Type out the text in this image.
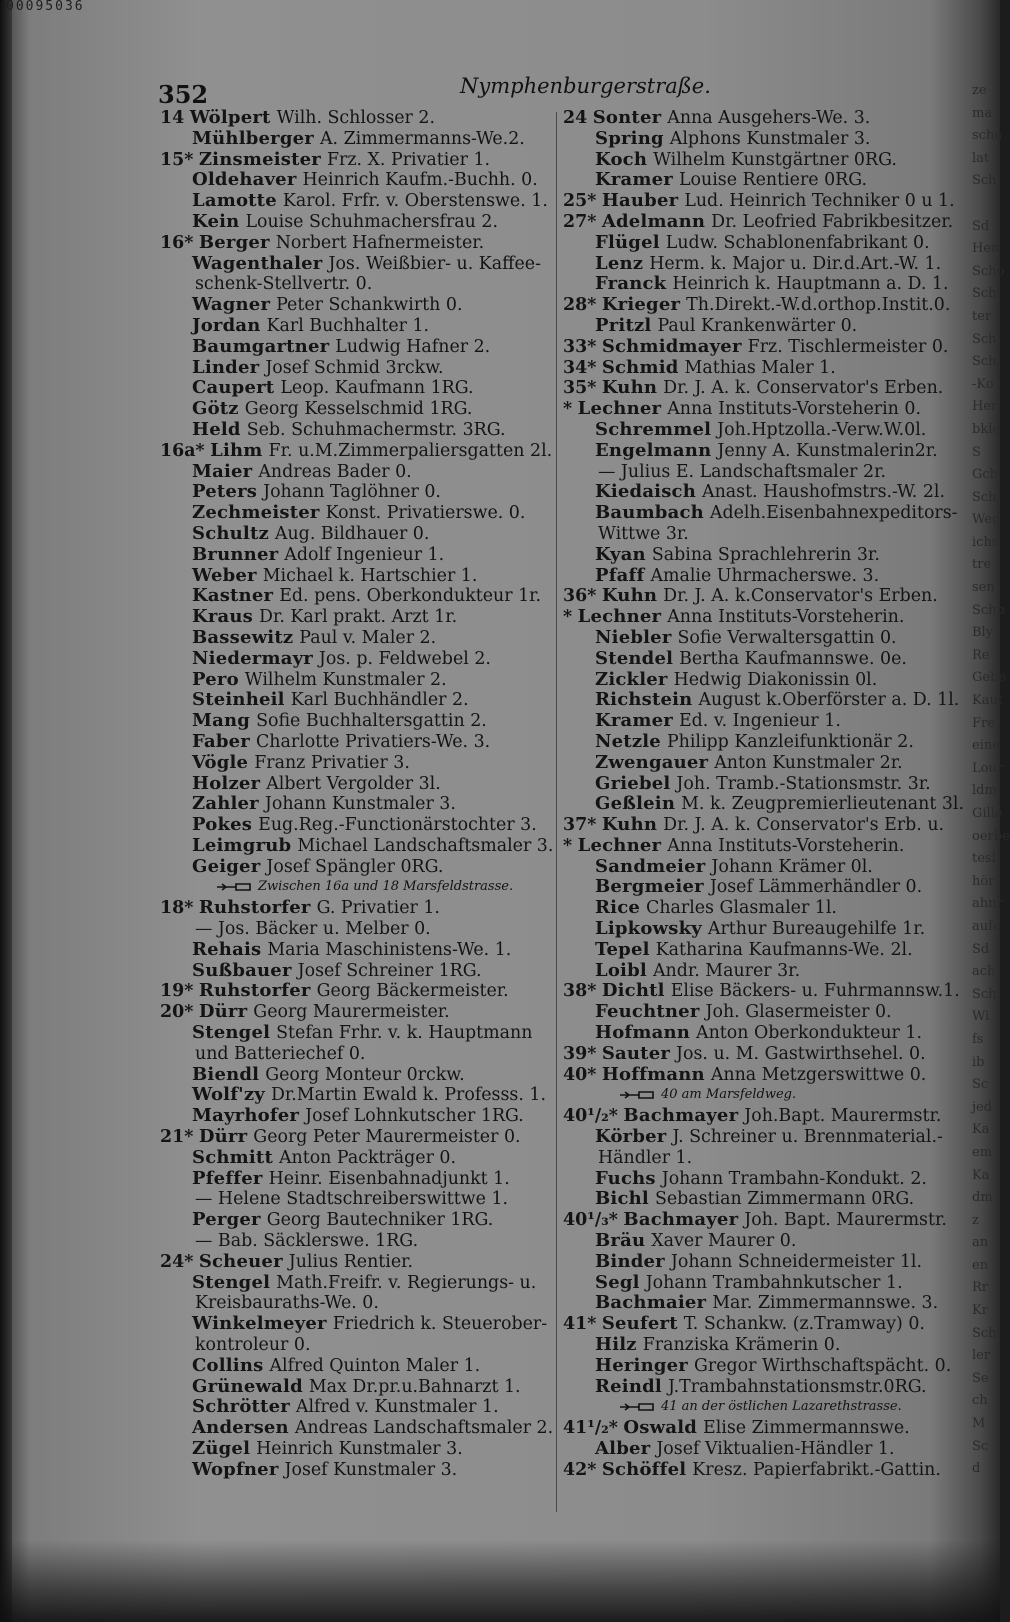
00095036
352	Nymphenburgerstraße.
14 Wölpert Wilh. Schlosser 2.
Mühlberger A. Zimmermanns-We.2.
15* Zinsmeister Frz. X. Privatier 1.
Oldehaver Heinrich Kaufm.-Buchh. 0.
Lamotte Karol. Frfr. v. Oberstenswe. 1.
Kein Louise Schuhmachersfrau 2.
16* Berger Norbert Hafnermeister.
Wagenthaler Jos. Weißbier- u. Kaffee-
schenk-Stellvertr. 0.
Wagner Peter Schankwirth 0.
Jordan Karl Buchhalter 1.
Baumgartner Ludwig Hafner 2.
Linder Josef Schmid 3rckw.
Caupert Leop. Kaufmann 1RG.
Götz Georg Kesselschmid 1RG.
Held Seb. Schuhmachermstr. 3RG.
16a* Lihm Fr. u.M.Zimmerpaliersgatten 2l.
Maier Andreas Bader 0.
Peters Johann Taglöhner 0.
Zechmeister Konst. Privatierswe. 0.
Schultz Aug. Bildhauer 0.
Brunner Adolf Ingenieur 1.
Weber Michael k. Hartschier 1.
Kastner Ed. pens. Oberkondukteur 1r.
Kraus Dr. Karl prakt. Arzt 1r.
Bassewitz Paul v. Maler 2.
Niedermayr Jos. p. Feldwebel 2.
Pero Wilhelm Kunstmaler 2.
Steinheil Karl Buchhändler 2.
Mang Sofie Buchhaltersgattin 2.
Faber Charlotte Privatiers-We. 3.
Vögle Franz Privatier 3.
Holzer Albert Vergolder 3l.
Zahler Johann Kunstmaler 3.
Pokes Eug.Reg.-Functionärstochter 3.
Leimgrub Michael Landschaftsmaler 3.
Geiger Josef Spängler 0RG.
Zwischen 16a und 18 Marsfeldstrasse.
18* Ruhstorfer G. Privatier 1.
— Jos. Bäcker u. Melber 0.
Rehais Maria Maschinistens-We. 1.
Sußbauer Josef Schreiner 1RG.
19* Ruhstorfer Georg Bäckermeister.
20* Dürr Georg Maurermeister.
Stengel Stefan Frhr. v. k. Hauptmann
und Batteriechef 0.
Biendl Georg Monteur 0rckw.
Wolf'zy Dr.Martin Ewald k. Professs. 1.
Mayrhofer Josef Lohnkutscher 1RG.
21* Dürr Georg Peter Maurermeister 0.
Schmitt Anton Packträger 0.
Pfeffer Heinr. Eisenbahnadjunkt 1.
— Helene Stadtschreiberswittwe 1.
Perger Georg Bautechniker 1RG.
— Bab. Säcklerswe. 1RG.
24* Scheuer Julius Rentier.
Stengel Math.Freifr. v. Regierungs- u.
Kreisbauraths-We. 0.
Winkelmeyer Friedrich k. Steuerober-
kontroleur 0.
Collins Alfred Quinton Maler 1.
Grünewald Max Dr.pr.u.Bahnarzt 1.
Schrötter Alfred v. Kunstmaler 1.
Andersen Andreas Landschaftsmaler 2.
Zügel Heinrich Kunstmaler 3.
Wopfner Josef Kunstmaler 3.
24 Sonter Anna Ausgehers-We. 3.
Spring Alphons Kunstmaler 3.
Koch Wilhelm Kunstgärtner 0RG.
Kramer Louise Rentiere 0RG.
25* Hauber Lud. Heinrich Techniker 0 u 1.
27* Adelmann Dr. Leofried Fabrikbesitzer.
Flügel Ludw. Schablonenfabrikant 0.
Lenz Herm. k. Major u. Dir.d.Art.-W. 1.
Franck Heinrich k. Hauptmann a. D. 1.
28* Krieger Th.Direkt.-W.d.orthop.Instit.0.
Pritzl Paul Krankenwärter 0.
33* Schmidmayer Frz. Tischlermeister 0.
34* Schmid Mathias Maler 1.
35* Kuhn Dr. J. A. k. Conservator's Erben.
* Lechner Anna Instituts-Vorsteherin 0.
Schremmel Joh.Hptzolla.-Verw.W.0l.
Engelmann Jenny A. Kunstmalerin2r.
— Julius E. Landschaftsmaler 2r.
Kiedaisch Anast. Haushofmstrs.-W. 2l.
Baumbach Adelh.Eisenbahnexpeditors-
Wittwe 3r.
Kyan Sabina Sprachlehrerin 3r.
Pfaff Amalie Uhrmacherswe. 3.
36* Kuhn Dr. J. A. k.Conservator's Erben.
* Lechner Anna Instituts-Vorsteherin.
Niebler Sofie Verwaltersgattin 0.
Stendel Bertha Kaufmannswe. 0e.
Zickler Hedwig Diakonissin 0l.
Richstein August k.Oberförster a. D. 1l.
Kramer Ed. v. Ingenieur 1.
Netzle Philipp Kanzleifunktionär 2.
Zwengauer Anton Kunstmaler 2r.
Griebel Joh. Tramb.-Stationsmstr. 3r.
Geßlein M. k. Zeugpremierlieutenant 3l.
37* Kuhn Dr. J. A. k. Conservator's Erb. u.
* Lechner Anna Instituts-Vorsteherin.
Sandmeier Johann Krämer 0l.
Bergmeier Josef Lämmerhändler 0.
Rice Charles Glasmaler 1l.
Lipkowsky Arthur Bureaugehilfe 1r.
Tepel Katharina Kaufmanns-We. 2l.
Loibl Andr. Maurer 3r.
38* Dichtl Elise Bäckers- u. Fuhrmannsw.1.
Feuchtner Joh. Glasermeister 0.
Hofmann Anton Oberkondukteur 1.
39* Sauter Jos. u. M. Gastwirthsehel. 0.
40* Hoffmann Anna Metzgerswittwe 0.
40 am Marsfeldweg.
40¹/₂* Bachmayer Joh.Bapt. Maurermstr.
Körber J. Schreiner u. Brennmaterial.-
Händler 1.
Fuchs Johann Trambahn-Kondukt. 2.
Bichl Sebastian Zimmermann 0RG.
40¹/₃* Bachmayer Joh. Bapt. Maurermstr.
Bräu Xaver Maurer 0.
Binder Johann Schneidermeister 1l.
Segl Johann Trambahnkutscher 1.
Bachmaier Mar. Zimmermannswe. 3.
41* Seufert T. Schankw. (z.Tramway) 0.
Hilz Franziska Krämerin 0.
Heringer Gregor Wirthschaftspächt. 0.
Reindl J.Trambahnstationsmstr.0RG.
41 an der östlichen Lazarethstrasse.
41¹/₂* Oswald Elise Zimmermannswe.
Alber Josef Viktualien-Händler 1.
42* Schöffel Kresz. Papierfabrikt.-Gattin.
ze
ma
scha
lat
Sch
Sd
Hen
Scho
Sch
ter
Sch
Sch
-Ko
Her
bkle
S
Gch
Sch
Weg
ichs
tre
sen
Schp
Bly
Re
Gebe
Kaut
Fre
eine
Lour
ldm
Gille
oerbe
tesl
hör
ahnr
aufe
Sd
ach
Sch
Wi
fs
ib
Sc
jed
Ka
em
Ka
dm
z
an
en
Rr
Kr
Sch
ler
Se
ch
M
Sc
d
